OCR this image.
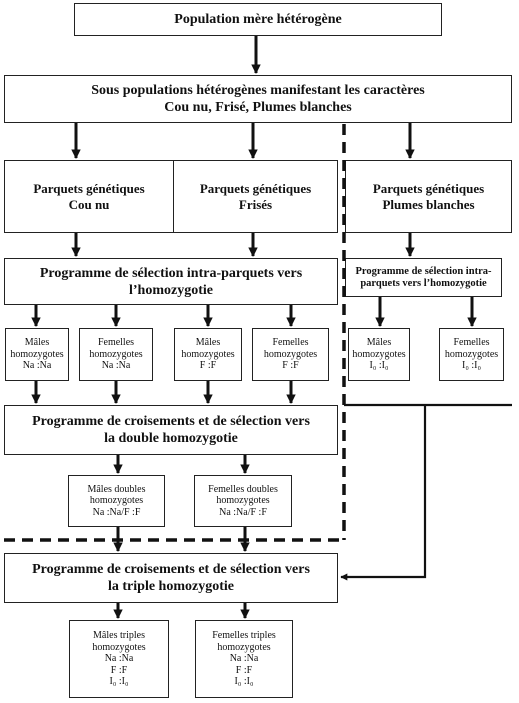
Population mère hétérogène
Sous populations hétérogènes manifestant les caractères
Cou nu, Frisé, Plumes blanches
Parquets génétiques
Cou nu
Parquets génétiques
Frisés
Parquets génétiques
Plumes blanches
Programme de sélection intra-parquets vers
l’homozygotie
Programme de sélection intra-
parquets vers l’homozygotie
Mâles
homozygotes
Na :Na
Femelles
homozygotes
Na :Na
Mâles
homozygotes
F :F
Femelles
homozygotes
F :F
Mâles
homozygotes
I₀ :I₀
Femelles
homozygotes
I₀ :I₀
Programme de croisements et de sélection vers
la double homozygotie
Mâles doubles
homozygotes
Na :Na/F :F
Femelles doubles
homozygotes
Na :Na/F :F
Programme de croisements et de sélection vers
la triple homozygotie
Mâles triples
homozygotes
Na :Na
F :F
I₀ :I₀
Femelles triples
homozygotes
Na :Na
F :F
I₀ :I₀
